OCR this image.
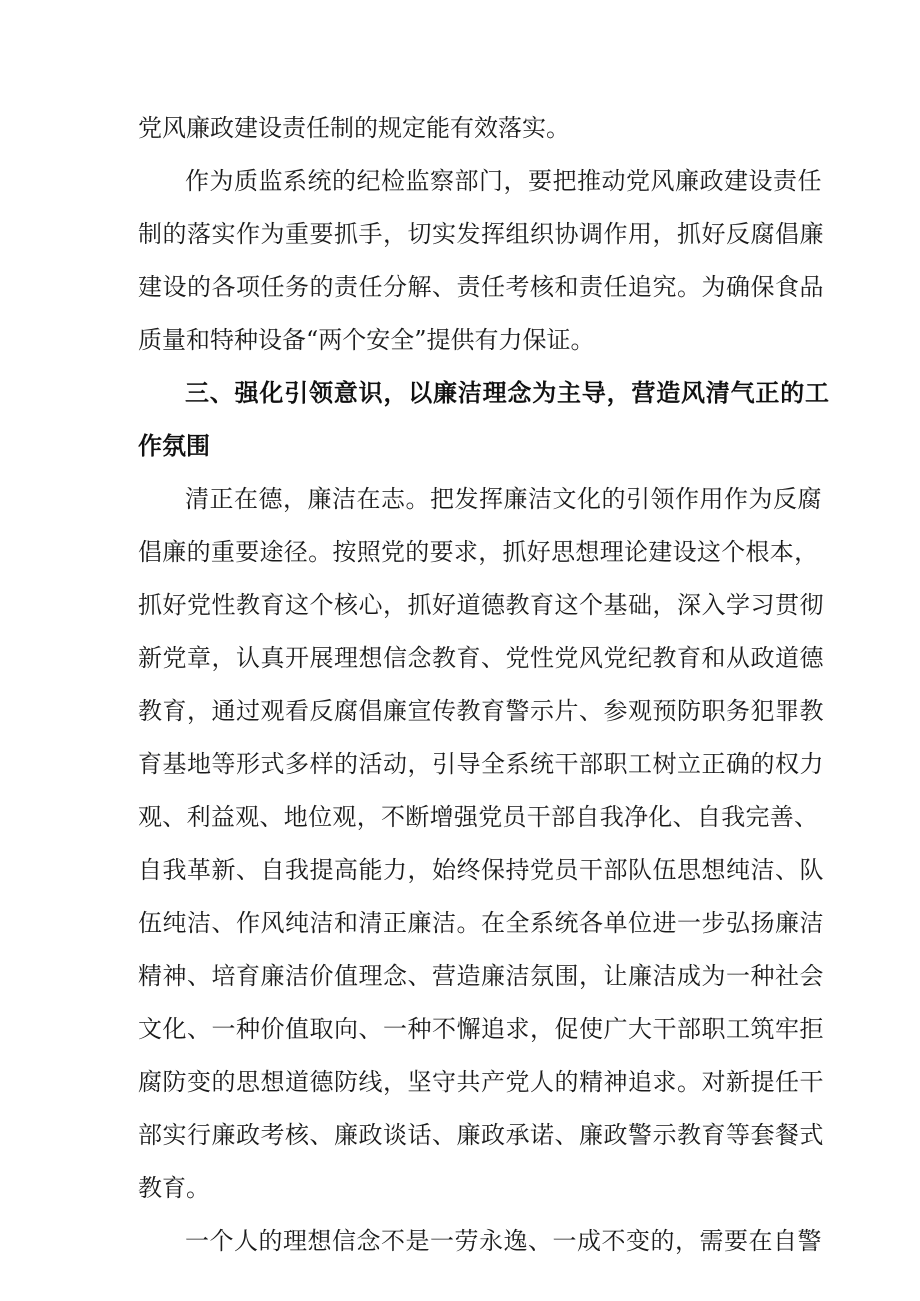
党风廉政建设责任制的规定能有效落实。
作为质监系统的纪检监察部门，要把推动党风廉政建设责任
制的落实作为重要抓手，切实发挥组织协调作用，抓好反腐倡廉
建设的各项任务的责任分解、责任考核和责任追究。为确保食品
质量和特种设备“两个安全”提供有力保证。
三、强化引领意识，以廉洁理念为主导，营造风清气正的工
作氛围
清正在德，廉洁在志。把发挥廉洁文化的引领作用作为反腐
倡廉的重要途径。按照党的要求，抓好思想理论建设这个根本，
抓好党性教育这个核心，抓好道德教育这个基础，深入学习贯彻
新党章，认真开展理想信念教育、党性党风党纪教育和从政道德
教育，通过观看反腐倡廉宣传教育警示片、参观预防职务犯罪教
育基地等形式多样的活动，引导全系统干部职工树立正确的权力
观、利益观、地位观，不断增强党员干部自我净化、自我完善、
自我革新、自我提高能力，始终保持党员干部队伍思想纯洁、队
伍纯洁、作风纯洁和清正廉洁。在全系统各单位进一步弘扬廉洁
精神、培育廉洁价值理念、营造廉洁氛围，让廉洁成为一种社会
文化、一种价值取向、一种不懈追求，促使广大干部职工筑牢拒
腐防变的思想道德防线，坚守共产党人的精神追求。对新提任干
部实行廉政考核、廉政谈话、廉政承诺、廉政警示教育等套餐式
教育。
一个人的理想信念不是一劳永逸、一成不变的，需要在自警
